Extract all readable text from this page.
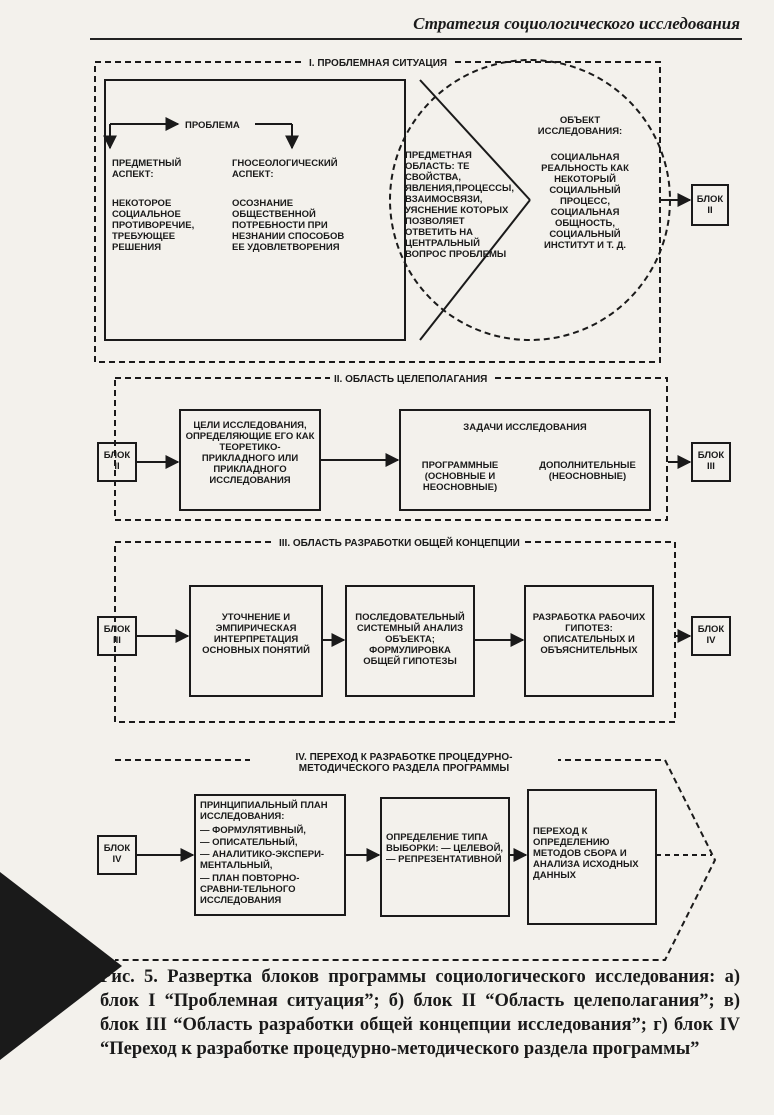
Стратегия социологического исследования
I. ПРОБЛЕМНАЯ СИТУАЦИЯ
ПРОБЛЕМА
ПРЕДМЕТНЫЙ АСПЕКТ:
НЕКОТОРОЕ СОЦИАЛЬНОЕ ПРОТИВОРЕЧИЕ, ТРЕБУЮЩЕЕ РЕШЕНИЯ
ГНОСЕОЛОГИЧЕСКИЙ АСПЕКТ:
ОСОЗНАНИЕ ОБЩЕСТВЕННОЙ ПОТРЕБНОСТИ ПРИ НЕЗНАНИИ СПОСОБОВ ЕЕ УДОВЛЕТВОРЕНИЯ
ПРЕДМЕТНАЯ ОБЛАСТЬ: ТЕ СВОЙСТВА, ЯВЛЕНИЯ,ПРОЦЕССЫ, ВЗАИМОСВЯЗИ, УЯСНЕНИЕ КОТОРЫХ ПОЗВОЛЯЕТ ОТВЕТИТЬ НА ЦЕНТРАЛЬНЫЙ ВОПРОС ПРОБЛЕМЫ
ОБЪЕКТ ИССЛЕДОВАНИЯ:
СОЦИАЛЬНАЯ РЕАЛЬНОСТЬ КАК НЕКОТОРЫЙ СОЦИАЛЬНЫЙ ПРОЦЕСС, СОЦИАЛЬНАЯ ОБЩНОСТЬ, СОЦИАЛЬНЫЙ ИНСТИТУТ И Т. Д.
БЛОК II
II. ОБЛАСТЬ ЦЕЛЕПОЛАГАНИЯ
БЛОК II
ЦЕЛИ ИССЛЕДОВАНИЯ, ОПРЕДЕЛЯЮЩИЕ ЕГО КАК ТЕОРЕТИКО-ПРИКЛАДНОГО ИЛИ ПРИКЛАДНОГО ИССЛЕДОВАНИЯ
ЗАДАЧИ ИССЛЕДОВАНИЯ
ПРОГРАММНЫЕ (ОСНОВНЫЕ И НЕОСНОВНЫЕ)
ДОПОЛНИТЕЛЬНЫЕ (НЕОСНОВНЫЕ)
БЛОК III
III. ОБЛАСТЬ РАЗРАБОТКИ ОБЩЕЙ КОНЦЕПЦИИ
БЛОК III
УТОЧНЕНИЕ И ЭМПИРИЧЕСКАЯ ИНТЕРПРЕТАЦИЯ ОСНОВНЫХ ПОНЯТИЙ
ПОСЛЕДОВАТЕЛЬНЫЙ СИСТЕМНЫЙ АНАЛИЗ ОБЪЕКТА; ФОРМУЛИРОВКА ОБЩЕЙ ГИПОТЕЗЫ
РАЗРАБОТКА РАБОЧИХ ГИПОТЕЗ: ОПИСАТЕЛЬНЫХ И ОБЪЯСНИТЕЛЬНЫХ
БЛОК IV
IV. ПЕРЕХОД К РАЗРАБОТКЕ ПРОЦЕДУРНО-МЕТОДИЧЕСКОГО РАЗДЕЛА ПРОГРАММЫ
БЛОК IV
ПРИНЦИПИАЛЬНЫЙ ПЛАН ИССЛЕДОВАНИЯ:
— ФОРМУЛЯТИВНЫЙ,
— ОПИСАТЕЛЬНЫЙ,
— АНАЛИТИКО-ЭКСПЕРИ-МЕНТАЛЬНЫЙ,
— ПЛАН ПОВТОРНО-СРАВНИ-ТЕЛЬНОГО ИССЛЕДОВАНИЯ
ОПРЕДЕЛЕНИЕ ТИПА ВЫБОРКИ: — ЦЕЛЕВОЙ, — РЕПРЕЗЕНТАТИВНОЙ
ПЕРЕХОД К ОПРЕДЕЛЕНИЮ МЕТОДОВ СБОРА И АНАЛИЗА ИСХОДНЫХ ДАННЫХ
Рис. 5. Развертка блоков программы социологического исследования: а) блок I “Проблемная ситуация”; б) блок II “Область целеполагания”; в) блок III “Область разработки общей концепции исследования”; г) блок IV “Переход к разработке процедурно-методического раздела программы”
